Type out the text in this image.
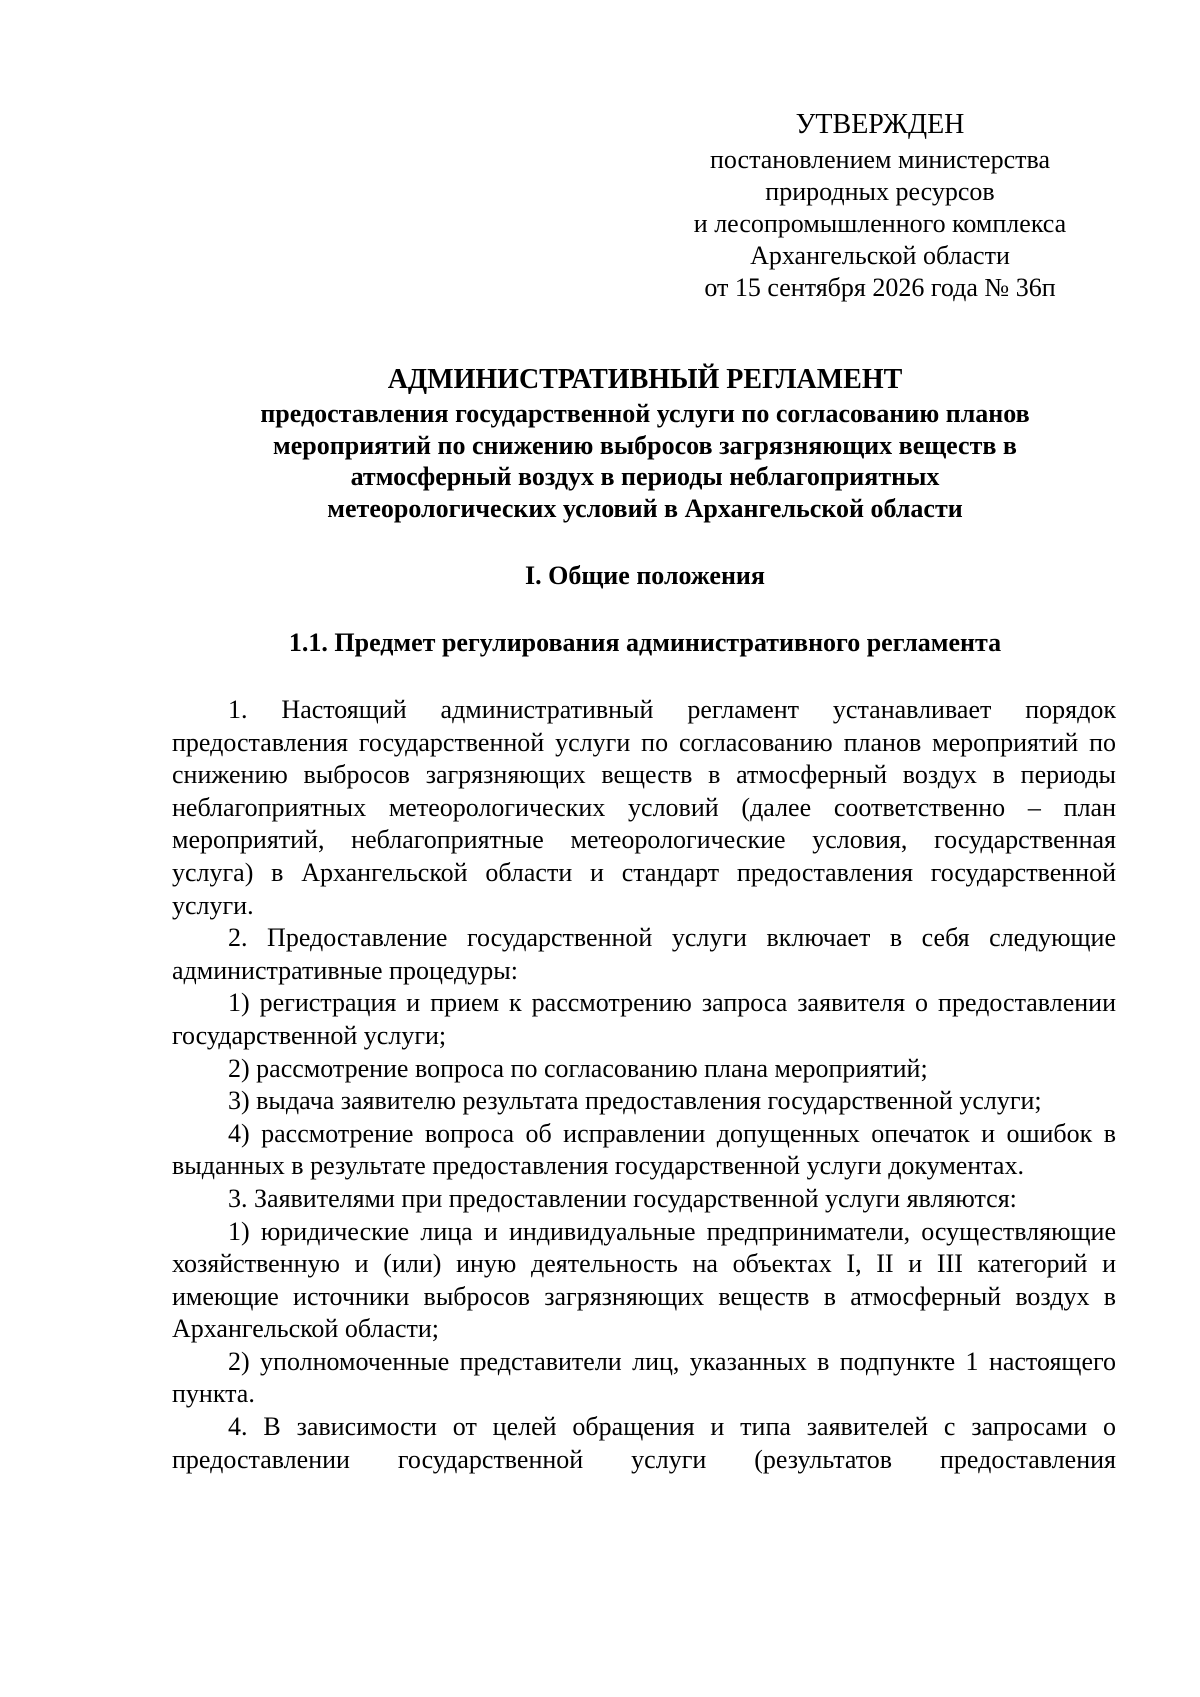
УТВЕРЖДЕН
постановлением министерства
природных ресурсов
и лесопромышленного комплекса
Архангельской области
от 15 сентября 2026 года № 36п
АДМИНИСТРАТИВНЫЙ РЕГЛАМЕНТ
предоставления государственной услуги по согласованию планов
мероприятий по снижению выбросов загрязняющих веществ в
атмосферный воздух в периоды неблагоприятных
метеорологических условий в Архангельской области
I. Общие положения
1.1. Предмет регулирования административного регламента

1. Настоящий административный регламент устанавливает порядок предоставления государственной услуги по согласованию планов мероприятий по снижению выбросов загрязняющих веществ в атмосферный воздух в периоды неблагоприятных метеорологических условий (далее соответственно – план мероприятий, неблагоприятные метеорологические условия, государственная услуга) в Архангельской области и стандарт предоставления государственной услуги.

2. Предоставление государственной услуги включает в себя следующие административные процедуры:

1) регистрация и прием к рассмотрению запроса заявителя о предоставлении государственной услуги;

2) рассмотрение вопроса по согласованию плана мероприятий;

3) выдача заявителю результата предоставления государственной услуги;

4) рассмотрение вопроса об исправлении допущенных опечаток и ошибок в выданных в результате предоставления государственной услуги документах.

3. Заявителями при предоставлении государственной услуги являются:

1) юридические лица и индивидуальные предприниматели, осуществляющие хозяйственную и (или) иную деятельность на объектах I, II и III категорий и имеющие источники выбросов загрязняющих веществ в атмосферный воздух в Архангельской области;

2) уполномоченные представители лиц, указанных в подпункте 1 настоящего пункта.

4. В зависимости от целей обращения и типа заявителей с запросами о предоставлении государственной услуги (результатов предоставления
